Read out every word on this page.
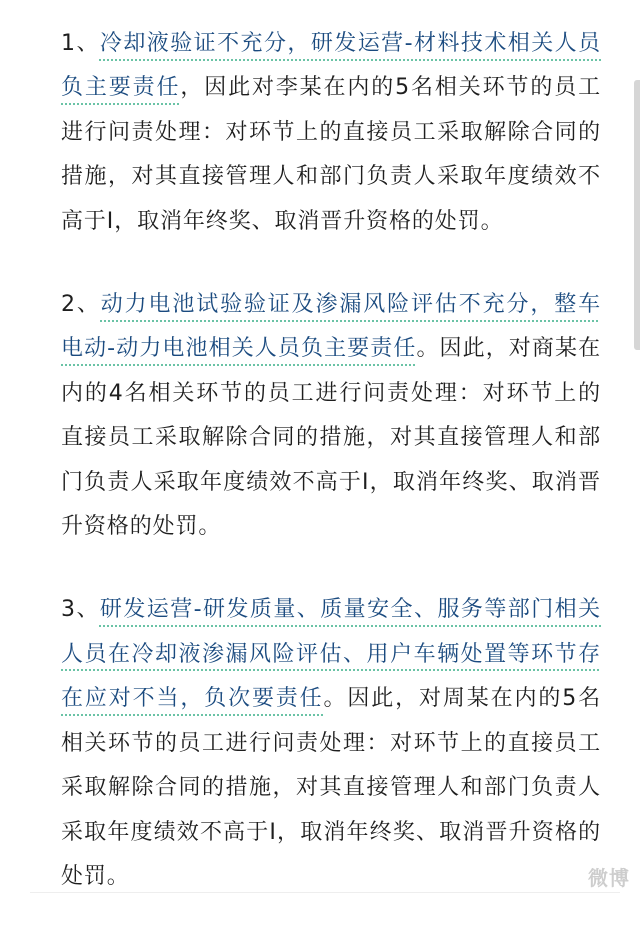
1、冷却液验证不充分，研发运营-材料技术相关人员负主要责任，因此对李某在内的5名相关环节的员工进行问责处理：对环节上的直接员工采取解除合同的措施，对其直接管理人和部门负责人采取年度绩效不高于I，取消年终奖、取消晋升资格的处罚。

2、动力电池试验验证及渗漏风险评估不充分，整车电动-动力电池相关人员负主要责任。因此，对商某在内的4名相关环节的员工进行问责处理：对环节上的直接员工采取解除合同的措施，对其直接管理人和部门负责人采取年度绩效不高于I，取消年终奖、取消晋升资格的处罚。

3、研发运营-研发质量、质量安全、服务等部门相关人员在冷却液渗漏风险评估、用户车辆处置等环节存在应对不当，负次要责任。因此，对周某在内的5名相关环节的员工进行问责处理：对环节上的直接员工采取解除合同的措施，对其直接管理人和部门负责人采取年度绩效不高于I，取消年终奖、取消晋升资格的处罚。	微博
